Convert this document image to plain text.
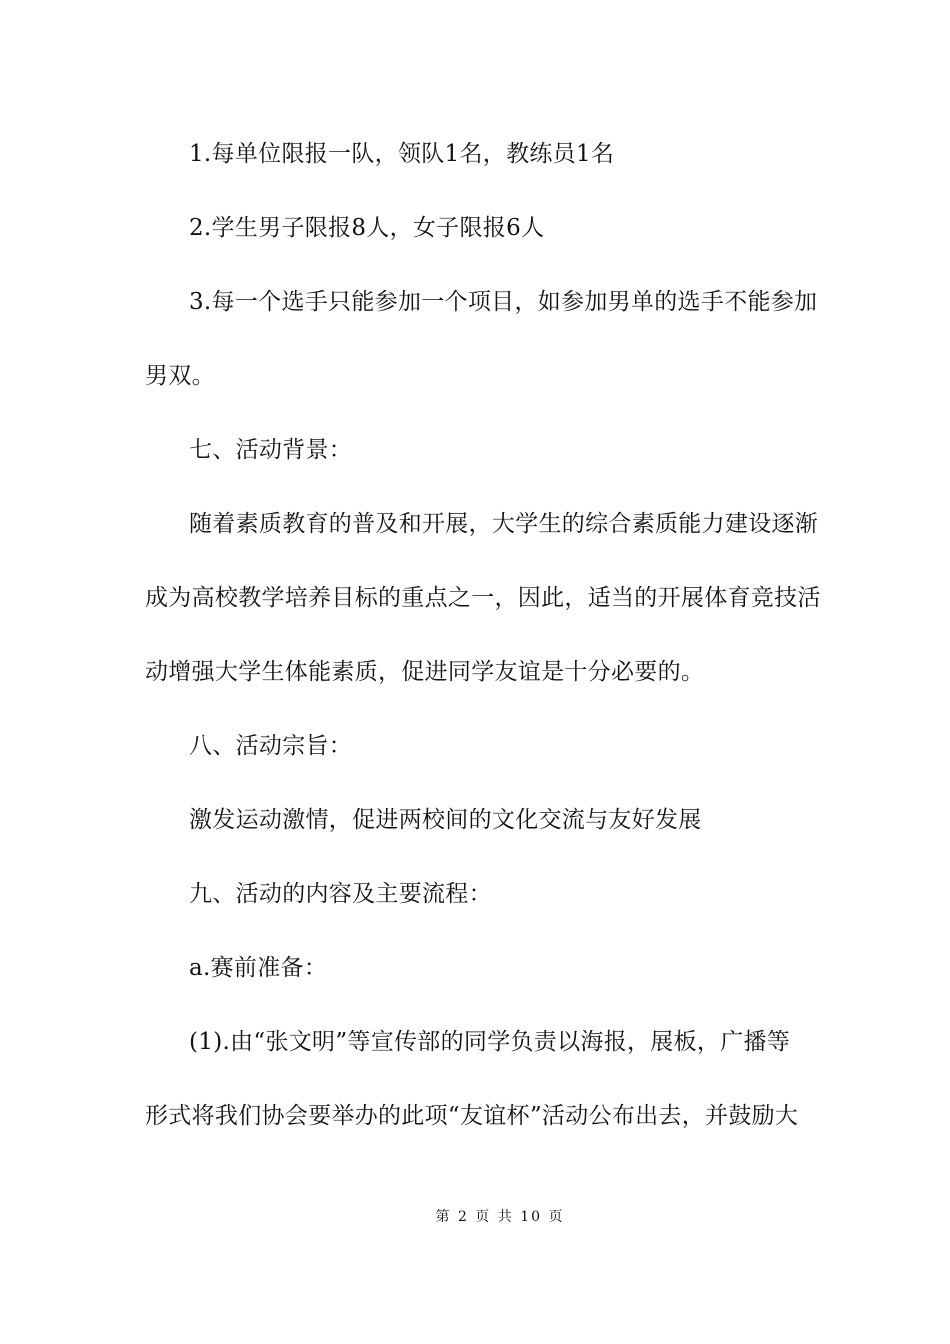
1.每单位限报一队，领队1名，教练员1名
2.学生男子限报8人，女子限报6人
3.每一个选手只能参加一个项目，如参加男单的选手不能参加
男双。
七、活动背景：
随着素质教育的普及和开展，大学生的综合素质能力建设逐渐
成为高校教学培养目标的重点之一，因此，适当的开展体育竞技活
动增强大学生体能素质，促进同学友谊是十分必要的。
八、活动宗旨：
激发运动激情，促进两校间的文化交流与友好发展
九、活动的内容及主要流程：
a.赛前准备：
(1).由“张文明”等宣传部的同学负责以海报，展板，广播等
形式将我们协会要举办的此项“友谊杯”活动公布出去，并鼓励大
第 2 页 共 10 页
